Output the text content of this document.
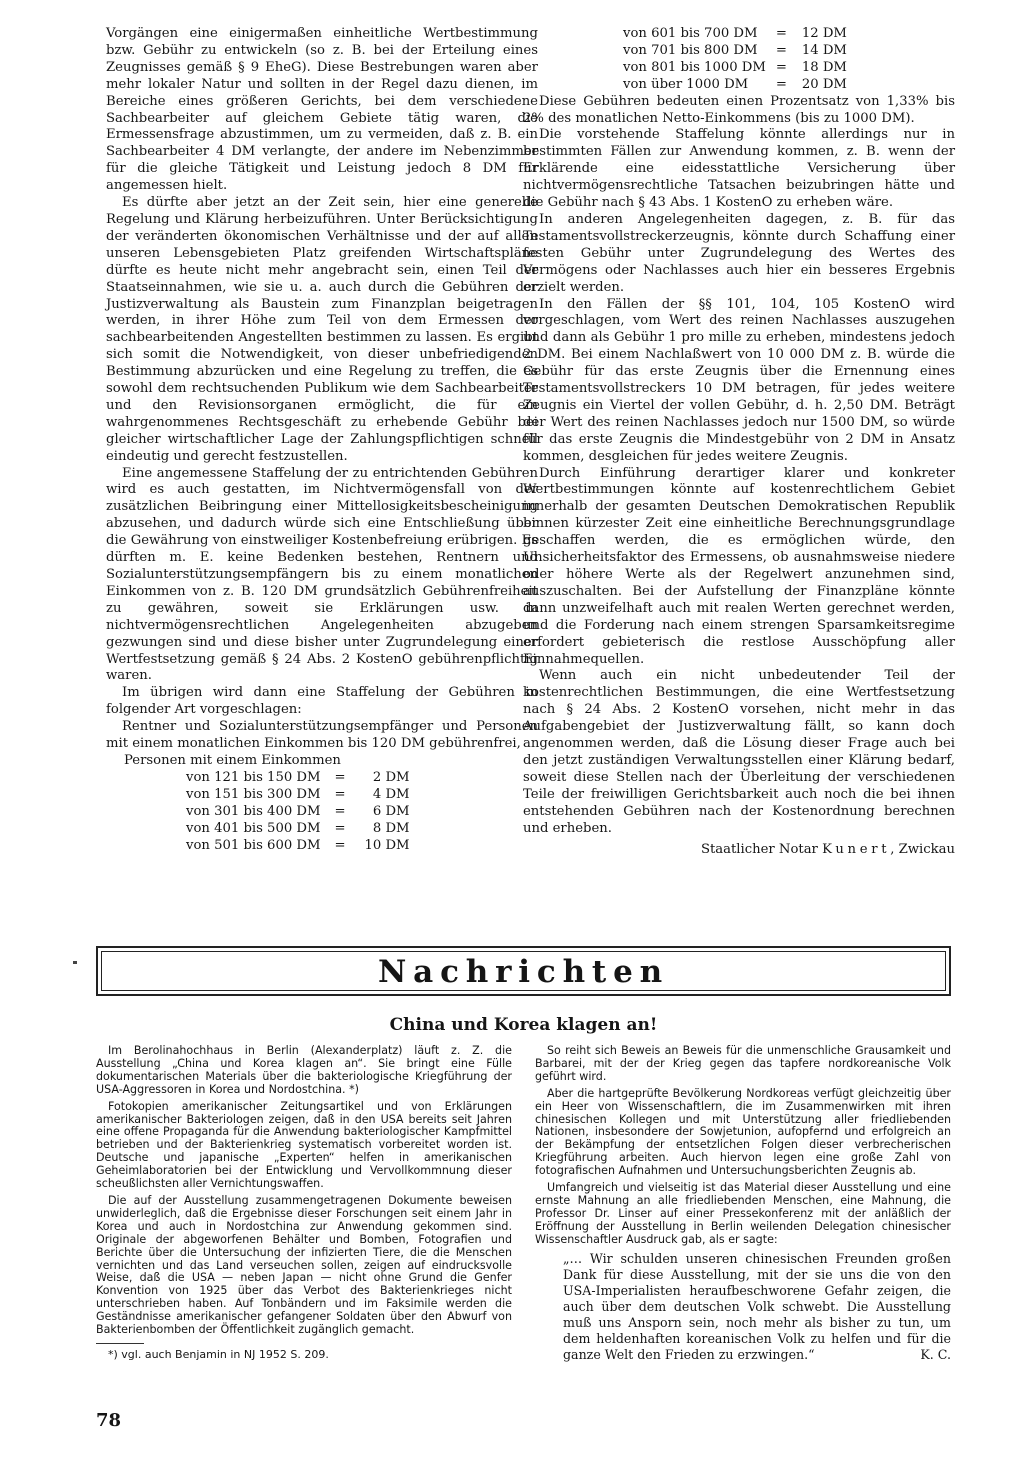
Vorgängen eine einigermaßen einheitliche Wertbestimmung bzw. Gebühr zu entwickeln (so z. B. bei der Erteilung eines Zeugnisses gemäß § 9 EheG). Diese Bestrebungen waren aber mehr lokaler Natur und sollten in der Regel dazu dienen, im Bereiche eines größeren Gerichts, bei dem verschiedene Sachbearbeiter auf gleichem Gebiete tätig waren, die Ermessensfrage abzustimmen, um zu vermeiden, daß z. B. ein Sachbearbeiter 4 DM verlangte, der andere im Nebenzimmer für die gleiche Tätigkeit und Leistung jedoch 8 DM für angemessen hielt.

Es dürfte aber jetzt an der Zeit sein, hier eine generelle Regelung und Klärung herbeizuführen. Unter Berücksichtigung der veränderten ökonomischen Verhältnisse und der auf allen unseren Lebensgebieten Platz greifenden Wirtschaftspläne dürfte es heute nicht mehr angebracht sein, einen Teil der Staatseinnahmen, wie sie u. a. auch durch die Gebühren der Justizverwaltung als Baustein zum Finanzplan beigetragen werden, in ihrer Höhe zum Teil von dem Ermessen der sachbearbeitenden Angestellten bestimmen zu lassen. Es ergibt sich somit die Notwendigkeit, von dieser unbefriedigenden Bestimmung abzurücken und eine Regelung zu treffen, die es sowohl dem rechtsuchenden Publikum wie dem Sachbearbeiter und den Revisionsorganen ermöglicht, die für ein wahrgenommenes Rechtsgeschäft zu erhebende Gebühr bei gleicher wirtschaftlicher Lage der Zahlungspflichtigen schnell eindeutig und gerecht festzustellen.

Eine angemessene Staffelung der zu entrichtenden Gebühren wird es auch gestatten, im Nichtvermögensfall von der zusätzlichen Beibringung einer Mittellosigkeitsbescheinigung abzusehen, und dadurch würde sich eine Entschließung über die Gewährung von einstweiliger Kostenbefreiung erübrigen. Es dürften m. E. keine Bedenken bestehen, Rentnern und Sozialunterstützungsempfängern bis zu einem monatlichen Einkommen von z. B. 120 DM grundsätzlich Gebührenfreiheit zu gewähren, soweit sie Erklärungen usw. in nichtvermögensrechtlichen Angelegenheiten abzugeben gezwungen sind und diese bisher unter Zugrundelegung einer Wertfestsetzung gemäß § 24 Abs. 2 KostenO gebührenpflichtig waren.

Im übrigen wird dann eine Staffelung der Gebühren in folgender Art vorgeschlagen:

Rentner und Sozialunterstützungsempfänger und Personen mit einem monatlichen Einkommen bis 120 DM gebührenfrei,

Personen mit einem Einkommen

von 121 bis 150 DM	=	2 DM
von 151 bis 300 DM	=	4 DM
von 301 bis 400 DM	=	6 DM
von 401 bis 500 DM	=	8 DM
von 501 bis 600 DM	=	10 DM
von 601 bis 700 DM	=	12 DM
von 701 bis 800 DM	=	14 DM
von 801 bis 1000 DM	=	18 DM
von über 1000 DM	=	20 DM

Diese Gebühren bedeuten einen Prozentsatz von 1,33% bis 2% des monatlichen Netto-Einkommens (bis zu 1000 DM).

Die vorstehende Staffelung könnte allerdings nur in bestimmten Fällen zur Anwendung kommen, z. B. wenn der Erklärende eine eidesstattliche Versicherung über nichtvermögensrechtliche Tatsachen beizubringen hätte und die Gebühr nach § 43 Abs. 1 KostenO zu erheben wäre.

In anderen Angelegenheiten dagegen, z. B. für das Testamentsvollstreckerzeugnis, könnte durch Schaffung einer festen Gebühr unter Zugrundelegung des Wertes des Vermögens oder Nachlasses auch hier ein besseres Ergebnis erzielt werden.

In den Fällen der §§ 101, 104, 105 KostenO wird vorgeschlagen, vom Wert des reinen Nachlasses auszugehen und dann als Gebühr 1 pro mille zu erheben, mindestens jedoch 2 DM. Bei einem Nachlaßwert von 10 000 DM z. B. würde die Gebühr für das erste Zeugnis über die Ernennung eines Testamentsvollstreckers 10 DM betragen, für jedes weitere Zeugnis ein Viertel der vollen Gebühr, d. h. 2,50 DM. Beträgt der Wert des reinen Nachlasses jedoch nur 1500 DM, so würde für das erste Zeugnis die Mindestgebühr von 2 DM in Ansatz kommen, desgleichen für jedes weitere Zeugnis.

Durch Einführung derartiger klarer und konkreter Wertbestimmungen könnte auf kostenrechtlichem Gebiet innerhalb der gesamten Deutschen Demokratischen Republik binnen kürzester Zeit eine einheitliche Berechnungsgrundlage geschaffen werden, die es ermöglichen würde, den Unsicherheitsfaktor des Ermessens, ob ausnahmsweise niedere oder höhere Werte als der Regelwert anzunehmen sind, auszuschalten. Bei der Aufstellung der Finanzpläne könnte dann unzweifelhaft auch mit realen Werten gerechnet werden, und die Forderung nach einem strengen Sparsamkeitsregime erfordert gebieterisch die restlose Ausschöpfung aller Einnahmequellen.

Wenn auch ein nicht unbedeutender Teil der kostenrechtlichen Bestimmungen, die eine Wertfestsetzung nach § 24 Abs. 2 KostenO vorsehen, nicht mehr in das Aufgabengebiet der Justizverwaltung fällt, so kann doch angenommen werden, daß die Lösung dieser Frage auch bei den jetzt zuständigen Verwaltungsstellen einer Klärung bedarf, soweit diese Stellen nach der Überleitung der verschiedenen Teile der freiwilligen Gerichtsbarkeit auch noch die bei ihnen entstehenden Gebühren nach der Kostenordnung berechnen und erheben.

Staatlicher Notar Kunert, Zwickau

Nachrichten
China und Korea klagen an!

Im Berolinahochhaus in Berlin (Alexanderplatz) läuft z. Z. die Ausstellung „China und Korea klagen an“. Sie bringt eine Fülle dokumentarischen Materials über die bakteriologische Kriegführung der USA-Aggressoren in Korea und Nordostchina. *)

Fotokopien amerikanischer Zeitungsartikel und von Erklärungen amerikanischer Bakteriologen zeigen, daß in den USA bereits seit Jahren eine offene Propaganda für die Anwendung bakteriologischer Kampfmittel betrieben und der Bakterienkrieg systematisch vorbereitet worden ist. Deutsche und japanische „Experten“ helfen in amerikanischen Geheimlaboratorien bei der Entwicklung und Vervollkommnung dieser scheußlichsten aller Vernichtungswaffen.

Die auf der Ausstellung zusammengetragenen Dokumente beweisen unwiderleglich, daß die Ergebnisse dieser Forschungen seit einem Jahr in Korea und auch in Nordostchina zur Anwendung gekommen sind. Originale der abgeworfenen Behälter und Bomben, Fotografien und Berichte über die Untersuchung der infizierten Tiere, die die Menschen vernichten und das Land verseuchen sollen, zeigen auf eindrucksvolle Weise, daß die USA — neben Japan — nicht ohne Grund die Genfer Konvention von 1925 über das Verbot des Bakterienkrieges nicht unterschrieben haben. Auf Tonbändern und im Faksimile werden die Geständnisse amerikanischer gefangener Soldaten über den Abwurf von Bakterienbomben der Öffentlichkeit zugänglich gemacht.

*) vgl. auch Benjamin in NJ 1952 S. 209.

So reiht sich Beweis an Beweis für die unmenschliche Grausamkeit und Barbarei, mit der der Krieg gegen das tapfere nordkoreanische Volk geführt wird.

Aber die hartgeprüfte Bevölkerung Nordkoreas verfügt gleichzeitig über ein Heer von Wissenschaftlern, die im Zusammenwirken mit ihren chinesischen Kollegen und mit Unterstützung aller friedliebenden Nationen, insbesondere der Sowjetunion, aufopfernd und erfolgreich an der Bekämpfung der entsetzlichen Folgen dieser verbrecherischen Kriegführung arbeiten. Auch hiervon legen eine große Zahl von fotografischen Aufnahmen und Untersuchungsberichten Zeugnis ab.

Umfangreich und vielseitig ist das Material dieser Ausstellung und eine ernste Mahnung an alle friedliebenden Menschen, eine Mahnung, die Professor Dr. Linser auf einer Pressekonferenz mit der anläßlich der Eröffnung der Ausstellung in Berlin weilenden Delegation chinesischer Wissenschaftler Ausdruck gab, als er sagte:

„… Wir schulden unseren chinesischen Freunden großen Dank für diese Ausstellung, mit der sie uns die von den USA-Imperialisten heraufbeschworene Gefahr zeigen, die auch über dem deutschen Volk schwebt. Die Ausstellung muß uns Ansporn sein, noch mehr als bisher zu tun, um dem heldenhaften koreanischen Volk zu helfen und für die ganze Welt den Frieden zu erzwingen.“	K. C.

78
